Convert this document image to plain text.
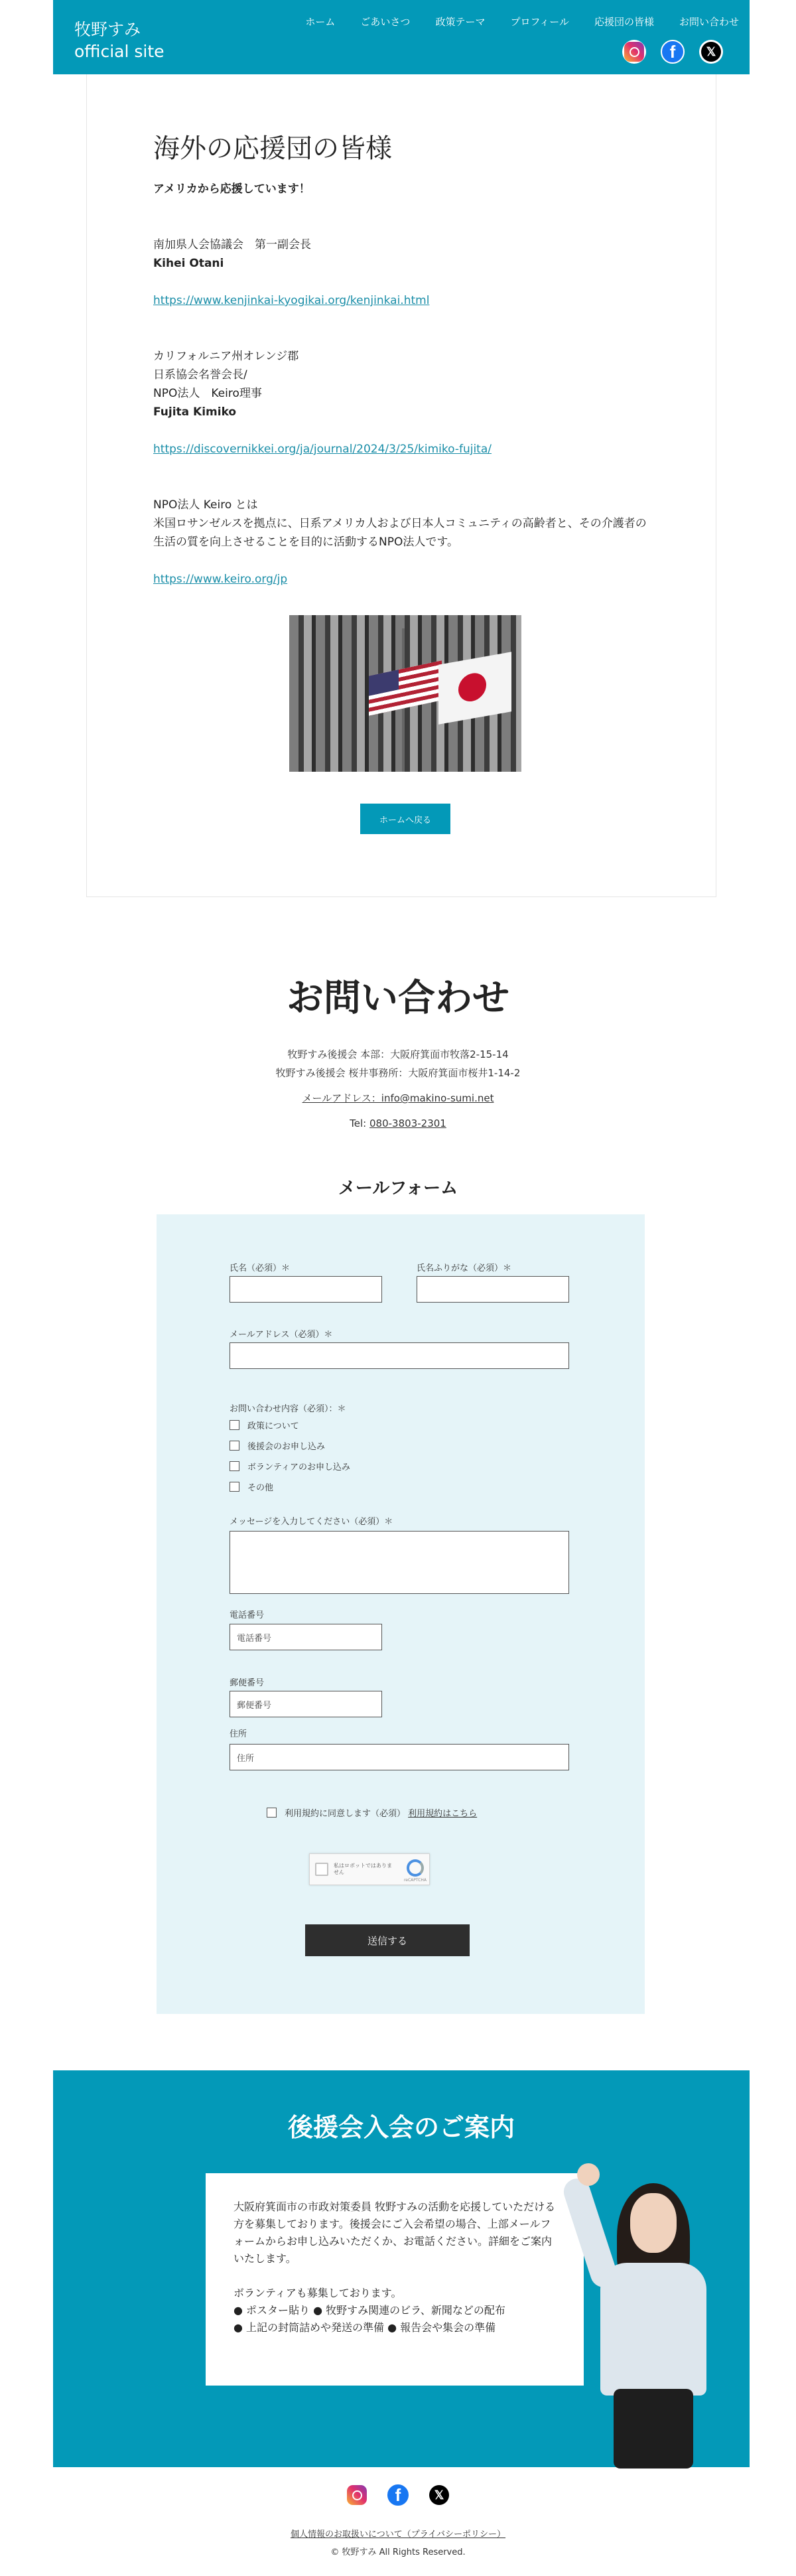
牧野すみ
official site
ホーム	ごあいさつ	政策テーマ	プロフィール	応援団の皆様	お問い合わせ
f	𝕏
海外の応援団の皆様
アメリカから応援しています！
南加県人会協議会　第一副会長
Kihei Otani
https://www.kenjinkai-kyogikai.org/kenjinkai.html
カリフォルニア州オレンジ郡
日系協会名誉会長/
NPO法人　Keiro理事
Fujita Kimiko
https://discovernikkei.org/ja/journal/2024/3/25/kimiko-fujita/
NPO法人 Keiro とは
米国ロサンゼルスを拠点に、日系アメリカ人および日本人コミュニティの高齢者と、その介護者の生活の質を向上させることを目的に活動するNPO法人です。
https://www.keiro.org/jp
ホームへ戻る
お問い合わせ
牧野すみ後援会 本部：大阪府箕面市牧落2-15-14
牧野すみ後援会 桜井事務所：大阪府箕面市桜井1-14-2
メールアドレス：info@makino-sumi.net
Tel: 080-3803-2301
メールフォーム
氏名（必須）＊	氏名ふりがな（必須）＊
メールアドレス（必須）＊
お問い合わせ内容（必須）：＊
政策について
後援会のお申し込み
ボランティアのお申し込み
その他
メッセージを入力してください（必須）＊
電話番号
電話番号
郵便番号
郵便番号
住所
住所
利用規約に同意します（必須）
利用規約はこちら
私はロボットではありません
reCAPTCHA
送信する
後援会入会のご案内

大阪府箕面市の市政対策委員 牧野すみの活動を応援していただける方を募集しております。後援会にご入会希望の場合、上部メールフォームからお申し込みいただくか、お電話ください。詳細をご案内いたします。

ボランティアも募集しております。

● ポスター貼り ● 牧野すみ関連のビラ、新聞などの配布

● 上記の封筒詰めや発送の準備 ● 報告会や集会の準備

f	𝕏
個人情報のお取扱いについて（プライバシーポリシー）
© 牧野すみ All Rights Reserved.
